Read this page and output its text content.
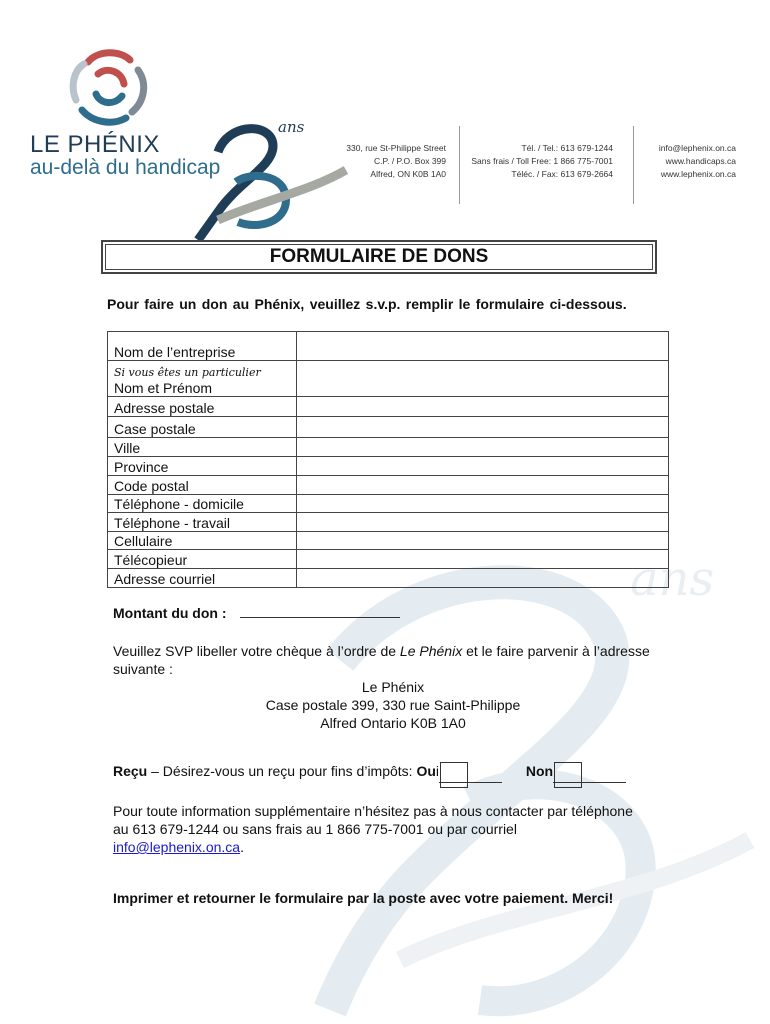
ans
LE PHÉNIX
au-delà du handicap
ans
330, rue St-Philippe Street
C.P. / P.O. Box 399
Alfred, ON K0B 1A0
Tél. / Tel.: 613 679-1244
Sans frais / Toll Free: 1 866 775-7001
Téléc. / Fax: 613 679-2664
info@lephenix.on.ca
www.handicaps.ca
www.lephenix.on.ca
FORMULAIRE DE DONS
Pour faire un don au Phénix, veuillez s.v.p. remplir le formulaire ci-dessous.
Nom de l’entreprise	

Si vous êtes un particulier
Nom et Prénom	
Adresse postale	
Case postale	
Ville	
Province	
Code postal	
Téléphone - domicile	
Téléphone - travail	
Cellulaire	
Télécopieur	
Adresse courriel	
Montant du don :
Veuillez SVP libeller votre chèque à l’ordre de Le Phénix et le faire parvenir à l’adresse suivante :
Le Phénix
Case postale 399, 330 rue Saint-Philippe
Alfred Ontario K0B 1A0
Reçu – Désirez-vous un reçu pour fins d’impôts: Oui	Non
Pour toute information supplémentaire n’hésitez pas à nous contacter par téléphone au 613 679-1244 ou sans frais au 1 866 775-7001 ou par courriel info@lephenix.on.ca.
Imprimer et retourner le formulaire par la poste avec votre paiement. Merci!
